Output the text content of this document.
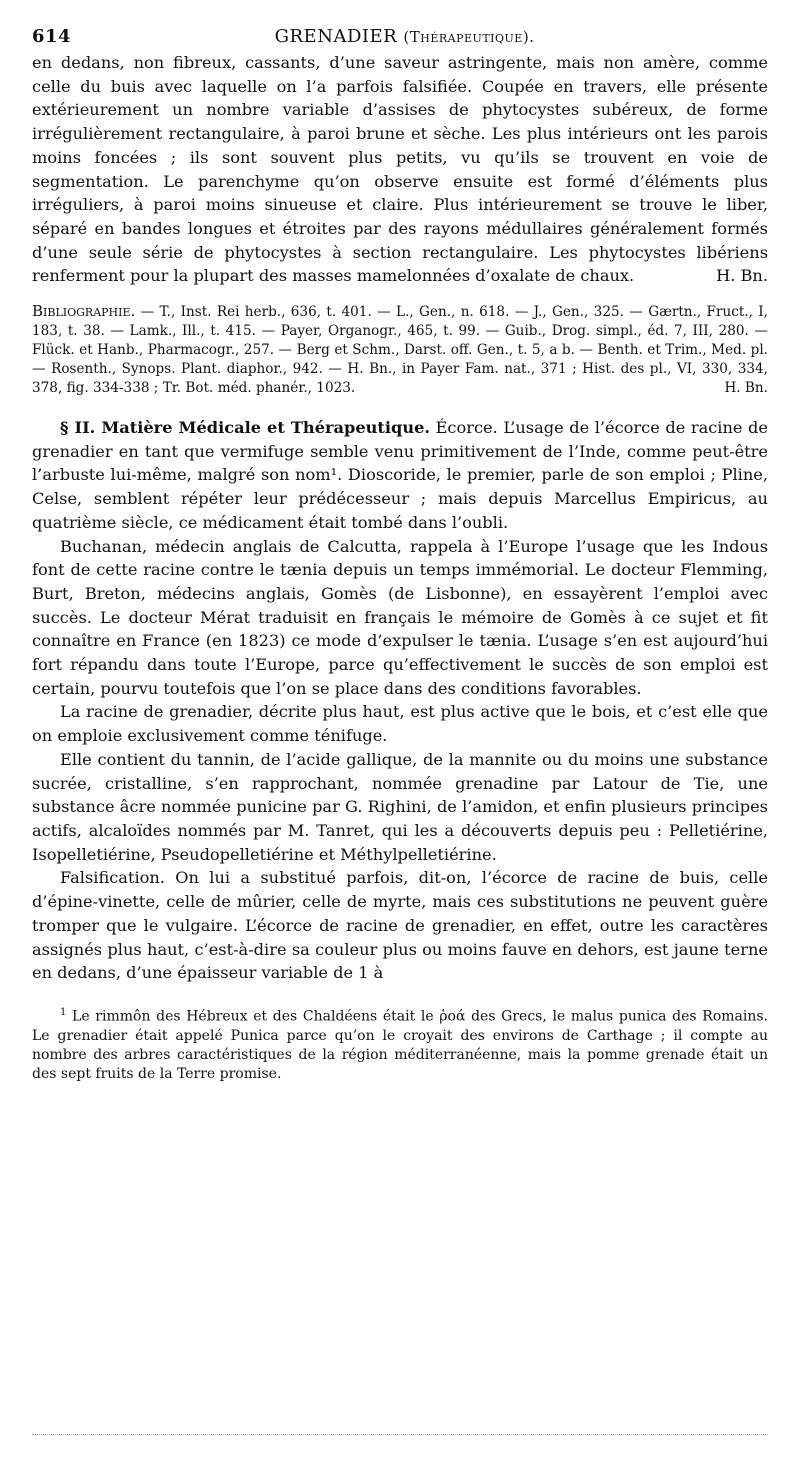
614	GRENADIER (Thérapeutique).

en dedans, non fibreux, cassants, d’une saveur astringente, mais non amère, comme celle du buis avec laquelle on l’a parfois falsifiée. Coupée en travers, elle présente extérieurement un nombre variable d’assises de phytocystes subéreux, de forme irrégulièrement rectangulaire, à paroi brune et sèche. Les plus intérieurs ont les parois moins foncées ; ils sont souvent plus petits, vu qu’ils se trouvent en voie de segmentation. Le parenchyme qu’on observe ensuite est formé d’éléments plus irréguliers, à paroi moins sinueuse et claire. Plus intérieurement se trouve le liber, séparé en bandes longues et étroites par des rayons médullaires généralement formés d’une seule série de phytocystes à section rectangulaire. Les phytocystes libériens renferment pour la plupart des masses mamelonnées d’oxalate de chaux.	H. Bn.

Bibliographie. — T., Inst. Rei herb., 636, t. 401. — L., Gen., n. 618. — J., Gen., 325. — Gærtn., Fruct., I, 183, t. 38. — Lamk., Ill., t. 415. — Payer, Organogr., 465, t. 99. — Guib., Drog. simpl., éd. 7, III, 280. — Flück. et Hanb., Pharmacogr., 257. — Berg et Schm., Darst. off. Gen., t. 5, a b. — Benth. et Trim., Med. pl. — Rosenth., Synops. Plant. diaphor., 942. — H. Bn., in Payer Fam. nat., 371 ; Hist. des pl., VI, 330, 334, 378, fig. 334-338 ; Tr. Bot. méd. phanér., 1023.	H. Bn.

§ II. Matière Médicale et Thérapeutique. Écorce. L’usage de l’écorce de racine de grenadier en tant que vermifuge semble venu primitivement de l’Inde, comme peut-être l’arbuste lui-même, malgré son nom¹. Dioscoride, le premier, parle de son emploi ; Pline, Celse, semblent répéter leur prédécesseur ; mais depuis Marcellus Empiricus, au quatrième siècle, ce médicament était tombé dans l’oubli.

Buchanan, médecin anglais de Calcutta, rappela à l’Europe l’usage que les Indous font de cette racine contre le tænia depuis un temps immémorial. Le docteur Flemming, Burt, Breton, médecins anglais, Gomès (de Lisbonne), en essayèrent l’emploi avec succès. Le docteur Mérat traduisit en français le mémoire de Gomès à ce sujet et fit connaître en France (en 1823) ce mode d’expulser le tænia. L’usage s’en est aujourd’hui fort répandu dans toute l’Europe, parce qu’effectivement le succès de son emploi est certain, pourvu toutefois que l’on se place dans des conditions favorables.

La racine de grenadier, décrite plus haut, est plus active que le bois, et c’est elle que on emploie exclusivement comme ténifuge.

Elle contient du tannin, de l’acide gallique, de la mannite ou du moins une substance sucrée, cristalline, s’en rapprochant, nommée grenadine par Latour de Tie, une substance âcre nommée punicine par G. Righini, de l’amidon, et enfin plusieurs principes actifs, alcaloïdes nommés par M. Tanret, qui les a découverts depuis peu : Pelletiérine, Isopelletiérine, Pseudopelletiérine et Méthylpelletiérine.

Falsification. On lui a substitué parfois, dit-on, l’écorce de racine de buis, celle d’épine-vinette, celle de mûrier, celle de myrte, mais ces substitutions ne peuvent guère tromper que le vulgaire. L’écorce de racine de grenadier, en effet, outre les caractères assignés plus haut, c’est-à-dire sa couleur plus ou moins fauve en dehors, est jaune terne en dedans, d’une épaisseur variable de 1 à

$^1$ Le rimmôn des Hébreux et des Chaldéens était le ῥοά des Grecs, le malus punica des Romains. Le grenadier était appelé Punica parce qu’on le croyait des environs de Carthage ; il compte au nombre des arbres caractéristiques de la région méditerranéenne, mais la pomme grenade était un des sept fruits de la Terre promise.
